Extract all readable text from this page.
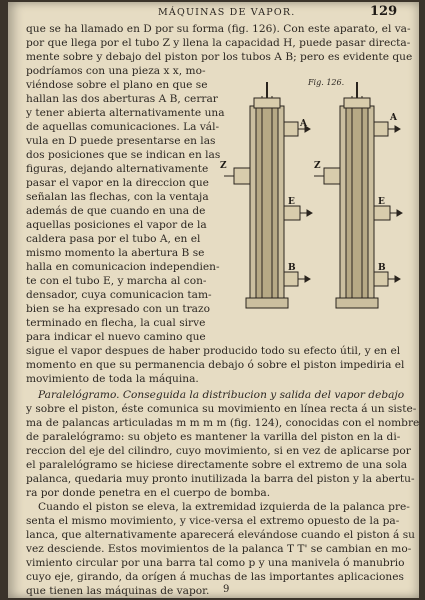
MÁQUINAS DE VAPOR.	129
que se ha llamado en D por su forma (fig. 126). Con este aparato, el va-
por que llega por el tubo Z y llena la capacidad H, puede pasar directa-
mente sobre y debajo del piston por los tubos A B; pero es evidente que
podríamos con una pieza x x, mo-
viéndose sobre el plano en que se
hallan las dos aberturas A B, cerrar
y tener abierta alternativamente una
de aquellas comunicaciones. La vál-
vula en D puede presentarse en las
dos posiciones que se indican en las
figuras, dejando alternativamente
pasar el vapor en la direccion que
señalan las flechas, con la ventaja
además de que cuando en una de
aquellas posiciones el vapor de la
caldera pasa por el tubo A, en el
mismo momento la abertura B se
halla en comunicacion independien-
te con el tubo E, y marcha al con-
densador, cuya comunicacion tam-
bien se ha expresado con un trazo
terminado en flecha, la cual sirve
para indicar el nuevo camino que
sigue el vapor despues de haber producido todo su efecto útil, y en el
momento en que su permanencia debajo ó sobre el piston impediria el
movimiento de toda la máquina.
Paralelógramo. Conseguida la distribucion y salida del vapor debajo
y sobre el piston, éste comunica su movimiento en línea recta á un siste-
ma de palancas articuladas m m m m (fig. 124), conocidas con el nombre
de paralelógramo: su objeto es mantener la varilla del piston en la di-
reccion del eje del cilindro, cuyo movimiento, si en vez de aplicarse por
el paralelógramo se hiciese directamente sobre el extremo de una sola
palanca, quedaria muy pronto inutilizada la barra del piston y la abertu-
ra por donde penetra en el cuerpo de bomba.
Cuando el piston se eleva, la extremidad izquierda de la palanca pre-
senta el mismo movimiento, y vice-versa el extremo opuesto de la pa-
lanca, que alternativamente aparecerá elevándose cuando el piston á su
vez desciende. Estos movimientos de la palanca T T' se cambian en mo-
vimiento circular por una barra tal como p y una manivela ó manubrio
cuyo eje, girando, da orígen á muchas de las importantes aplicaciones
que tienen las máquinas de vapor.
Fig. 126.
A
Z
E
B
A
Z
E
B
9
